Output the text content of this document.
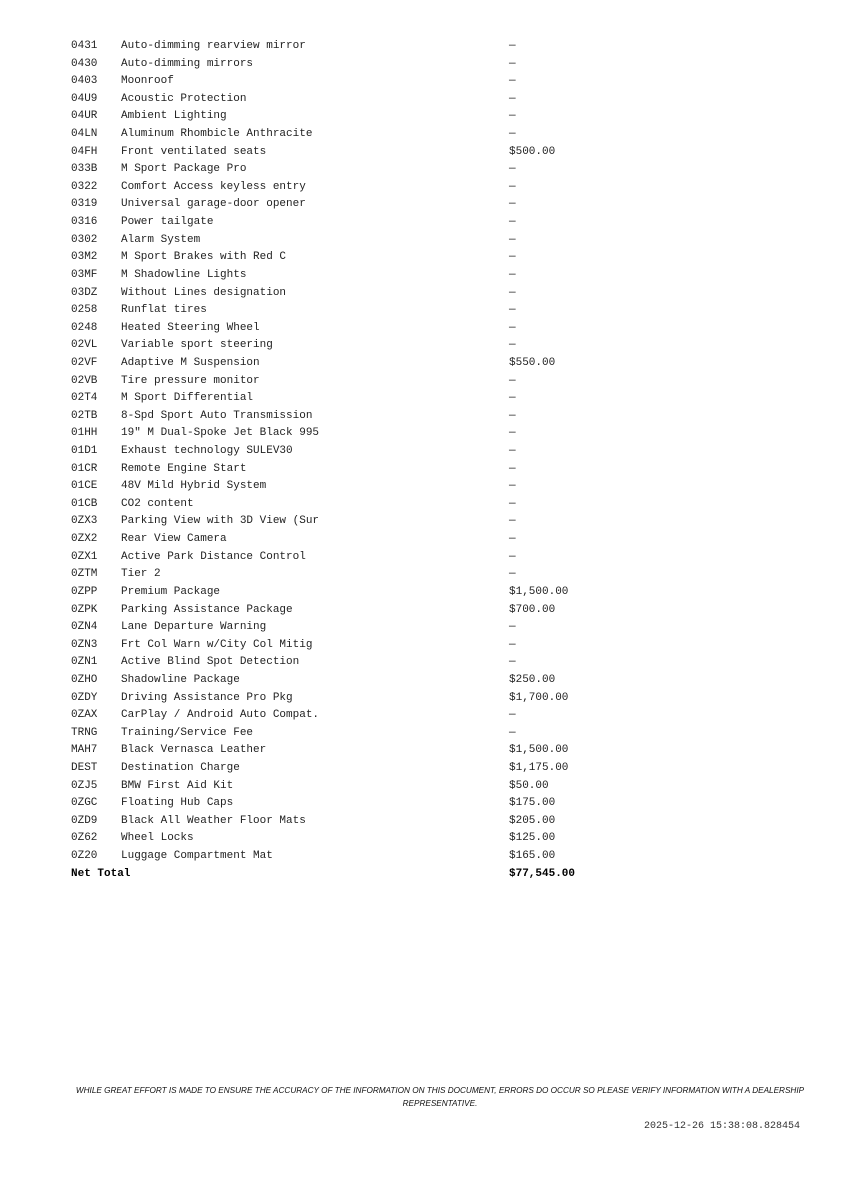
0431	Auto-dimming rearview mirror	—
0430	Auto-dimming mirrors	—
0403	Moonroof	—
04U9	Acoustic Protection	—
04UR	Ambient Lighting	—
04LN	Aluminum Rhombicle Anthracite	—
04FH	Front ventilated seats	$500.00
033B	M Sport Package Pro	—
0322	Comfort Access keyless entry	—
0319	Universal garage-door opener	—
0316	Power tailgate	—
0302	Alarm System	—
03M2	M Sport Brakes with Red C	—
03MF	M Shadowline Lights	—
03DZ	Without Lines designation	—
0258	Runflat tires	—
0248	Heated Steering Wheel	—
02VL	Variable sport steering	—
02VF	Adaptive M Suspension	$550.00
02VB	Tire pressure monitor	—
02T4	M Sport Differential	—
02TB	8-Spd Sport Auto Transmission	—
01HH	19" M Dual-Spoke Jet Black 995	—
01D1	Exhaust technology SULEV30	—
01CR	Remote Engine Start	—
01CE	48V Mild Hybrid System	—
01CB	CO2 content	—
0ZX3	Parking View with 3D View (Sur	—
0ZX2	Rear View Camera	—
0ZX1	Active Park Distance Control	—
0ZTM	Tier 2	—
0ZPP	Premium Package	$1,500.00
0ZPK	Parking Assistance Package	$700.00
0ZN4	Lane Departure Warning	—
0ZN3	Frt Col Warn w/City Col Mitig	—
0ZN1	Active Blind Spot Detection	—
0ZHO	Shadowline Package	$250.00
0ZDY	Driving Assistance Pro Pkg	$1,700.00
0ZAX	CarPlay / Android Auto Compat.	—
TRNG	Training/Service Fee	—
MAH7	Black Vernasca Leather	$1,500.00
DEST	Destination Charge	$1,175.00
0ZJ5	BMW First Aid Kit	$50.00
0ZGC	Floating Hub Caps	$175.00
0ZD9	Black All Weather Floor Mats	$205.00
0Z62	Wheel Locks	$125.00
0Z20	Luggage Compartment Mat	$165.00
Net Total	$77,545.00
WHILE GREAT EFFORT IS MADE TO ENSURE THE ACCURACY OF THE INFORMATION ON THIS DOCUMENT, ERRORS DO OCCUR SO PLEASE VERIFY INFORMATION WITH A DEALERSHIP REPRESENTATIVE.
2025-12-26 15:38:08.828454
